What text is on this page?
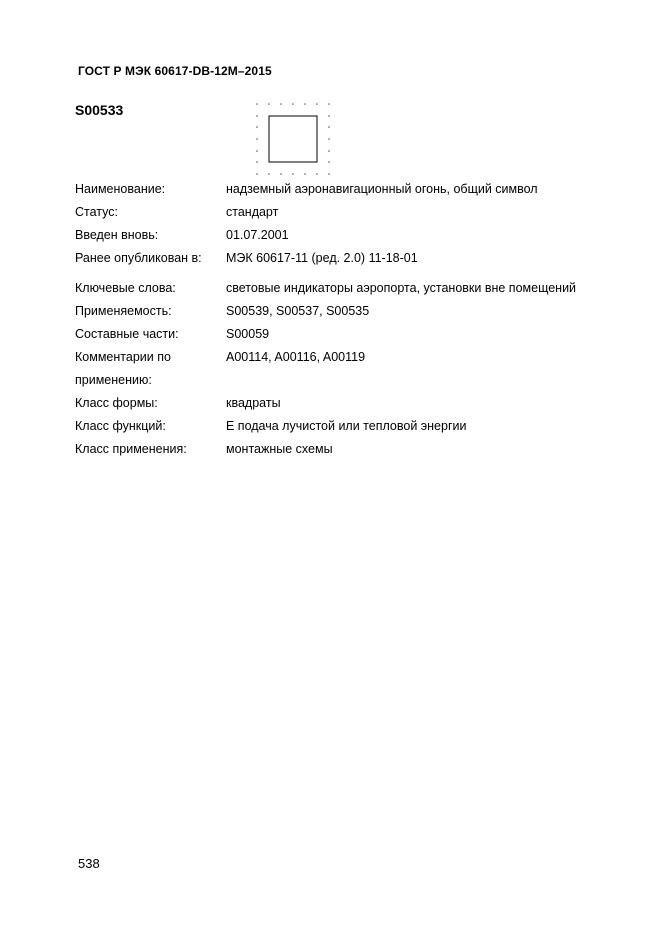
ГОСТ Р МЭК 60617-DB-12M–2015
S00533
Наименование:	надземный аэронавигационный огонь, общий символ
Статус:	стандарт
Введен вновь:	01.07.2001
Ранее опубликован в:	МЭК 60617-11 (ред. 2.0) 11-18-01
Ключевые слова:	световые индикаторы аэропорта, установки вне помещений
Применяемость:	S00539, S00537, S00535
Составные части:	S00059
Комментарии по применению:	A00114, A00116, A00119
Класс формы:	квадраты
Класс функций:	E подача лучистой или тепловой энергии
Класс применения:	монтажные схемы
538
